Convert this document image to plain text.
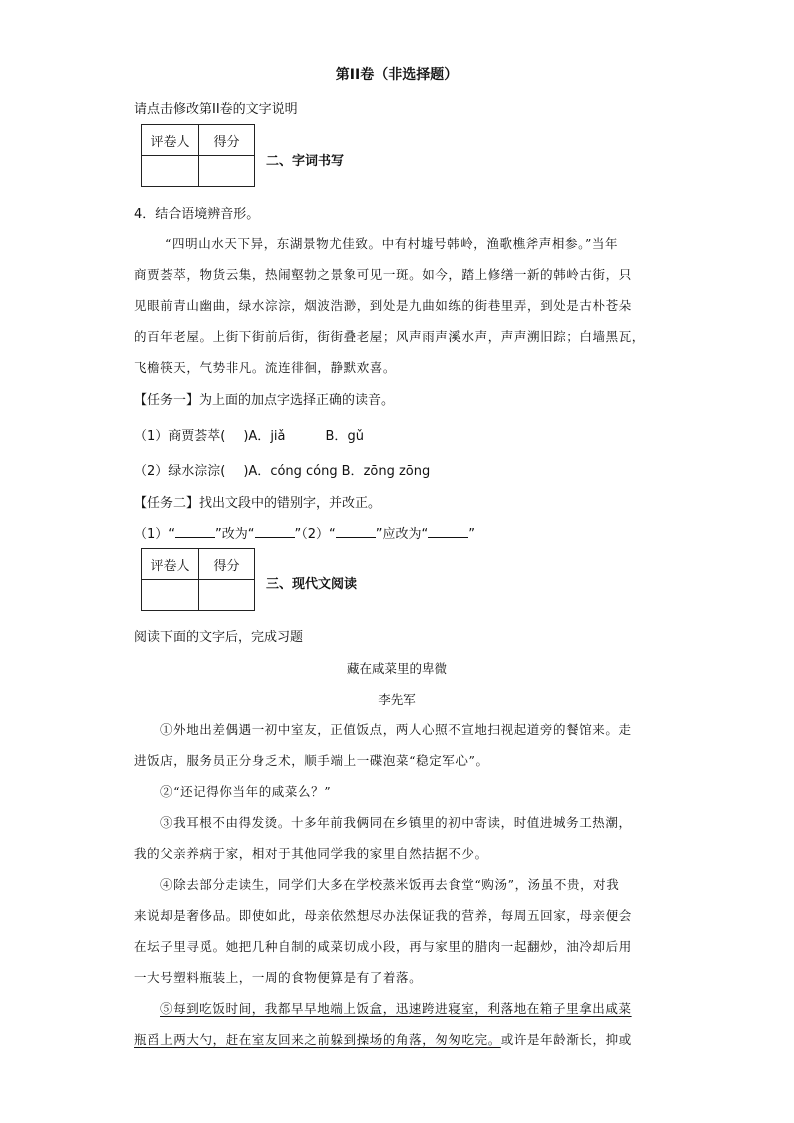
第II卷（非选择题）
请点击修改第II卷的文字说明
评卷人	得分

二、字词书写
4．结合语境辨音形。
“四明山水天下异，东湖景物尤佳致。中有村墟号韩岭，渔歌樵斧声相参。”当年
商贾荟萃，物货云集，热闹壑勃之景象可见一斑。如今，踏上修缮一新的韩岭古街，只
见眼前青山幽曲，绿水淙淙，烟波浩渺，到处是九曲如练的街巷里弄，到处是古朴苍朵
的百年老屋。上街下街前后街，街街叠老屋；风声雨声溪水声，声声溯旧踪；白墙黑瓦，
飞檐筷天，气势非凡。流连徘徊，静默欢喜。
【任务一】为上面的加点字选择正确的读音。
（1）商贾荟萃( )A．jiǎ	B．gǔ
（2）绿水淙淙( )A．cóng cóng B．zōng zōng
【任务二】找出文段中的错别字，并改正。
（1）“	”改为“	”（2）“	”应改为“	”
评卷人	得分

三、现代文阅读
阅读下面的文字后，完成习题
藏在咸菜里的卑微
李先军
①外地出差偶遇一初中室友，正值饭点，两人心照不宣地扫视起道旁的餐馆来。走
进饭店，服务员正分身乏术，顺手端上一碟泡菜“稳定军心”。
②“还记得你当年的咸菜么？”
③我耳根不由得发烫。十多年前我俩同在乡镇里的初中寄读，时值进城务工热潮，
我的父亲养病于家，相对于其他同学我的家里自然拮据不少。
④除去部分走读生，同学们大多在学校蒸米饭再去食堂“购汤”，汤虽不贵，对我
来说却是奢侈品。即使如此，母亲依然想尽办法保证我的营养，每周五回家，母亲便会
在坛子里寻觅。她把几种自制的咸菜切成小段，再与家里的腊肉一起翻炒，油冷却后用
一大号塑料瓶装上，一周的食物便算是有了着落。
⑤每到吃饭时间，我都早早地端上饭盒，迅速跨进寝室，利落地在箱子里拿出咸菜
瓶舀上两大勺，赶在室友回来之前躲到操场的角落，匆匆吃完。或许是年龄渐长，抑或
